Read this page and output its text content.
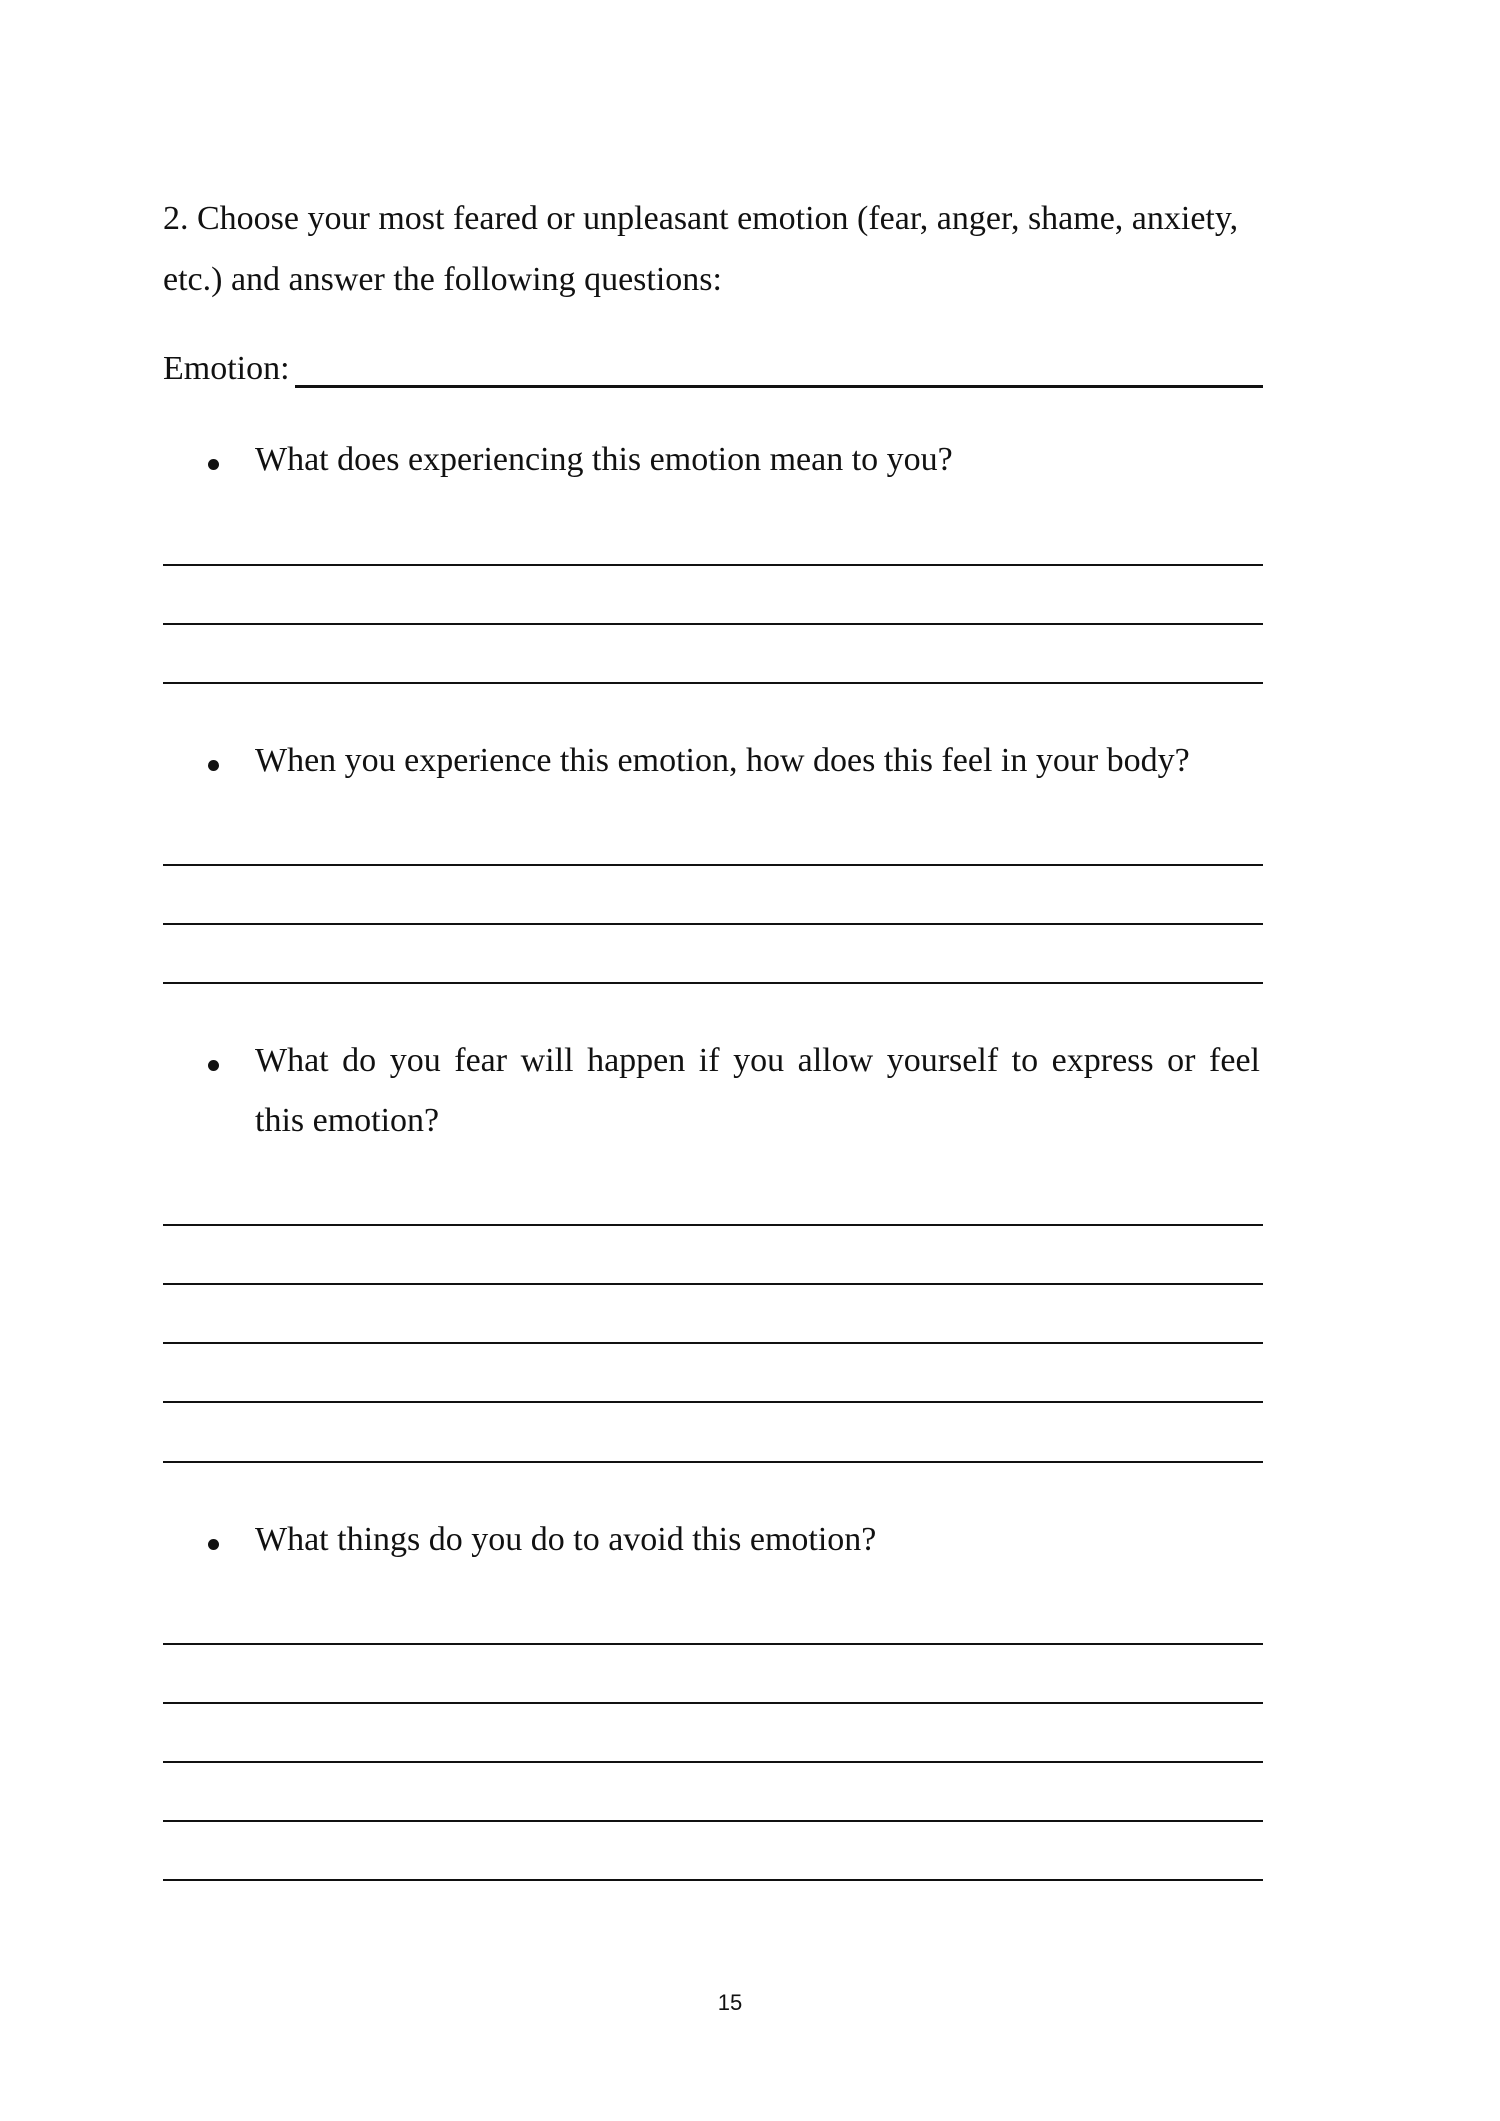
2. Choose your most feared or unpleasant emotion (fear, anger, shame, anxiety,
etc.) and answer the following questions:
Emotion:
What does experiencing this emotion mean to you?
When you experience this emotion, how does this feel in your body?
What do you fear will happen if you allow yourself to express or feel
this emotion?
What things do you do to avoid this emotion?
15
